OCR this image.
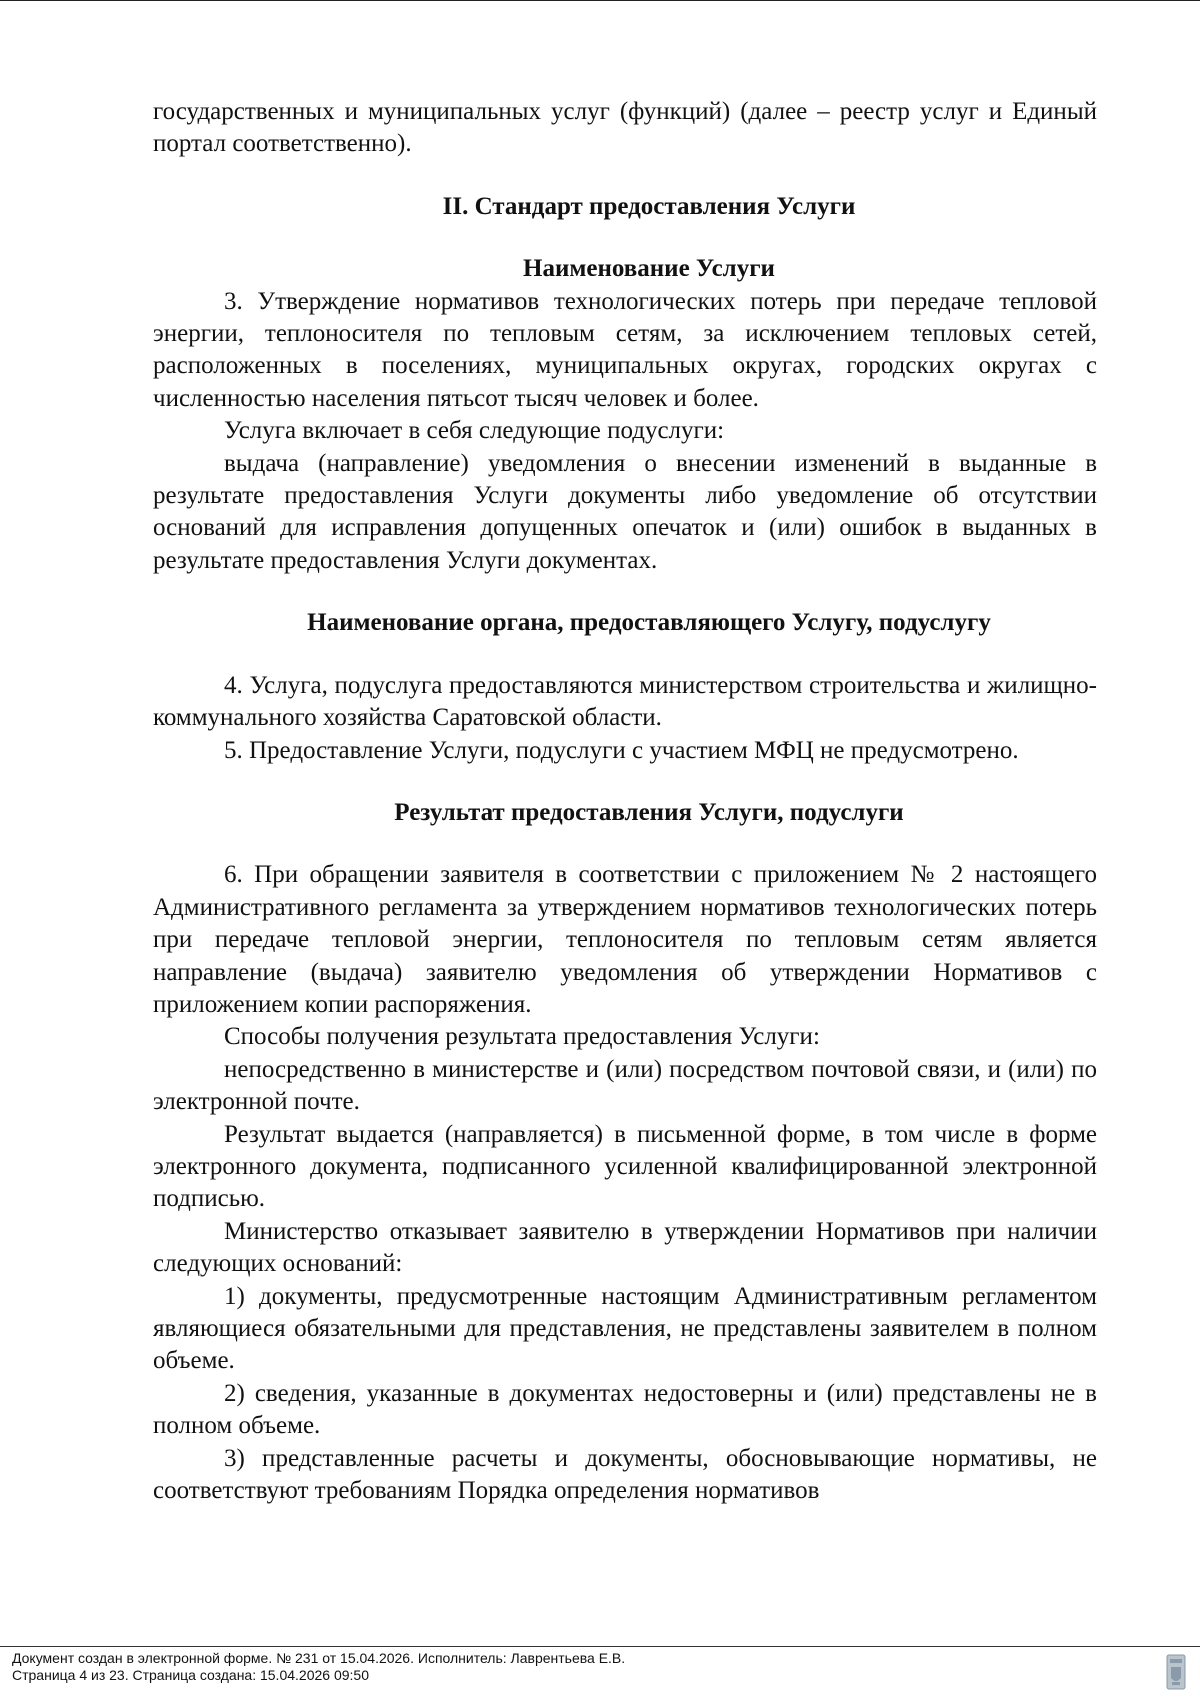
государственных и муниципальных услуг (функций) (далее – реестр услуг и Единый портал соответственно).

II. Стандарт предоставления Услуги
Наименование Услуги

3. Утверждение нормативов технологических потерь при передаче тепловой энергии, теплоносителя по тепловым сетям, за исключением тепловых сетей, расположенных в поселениях, муниципальных округах, городских округах с численностью населения пятьсот тысяч человек и более.

Услуга включает в себя следующие подуслуги:

выдача (направление) уведомления о внесении изменений в выданные в результате предоставления Услуги документы либо уведомление об отсутствии оснований для исправления допущенных опечаток и (или) ошибок в выданных в результате предоставления Услуги документах.

Наименование органа, предоставляющего Услугу, подуслугу

4. Услуга, подуслуга предоставляются министерством строительства и жилищно-коммунального хозяйства Саратовской области.

5. Предоставление Услуги, подуслуги с участием МФЦ не предусмотрено.

Результат предоставления Услуги, подуслуги

6. При обращении заявителя в соответствии с приложением № 2 настоящего Административного регламента за утверждением нормативов технологических потерь при передаче тепловой энергии, теплоносителя по тепловым сетям является направление (выдача) заявителю уведомления об утверждении Нормативов с приложением копии распоряжения.

Способы получения результата предоставления Услуги:

непосредственно в министерстве и (или) посредством почтовой связи, и (или) по электронной почте.

Результат выдается (направляется) в письменной форме, в том числе в форме электронного документа, подписанного усиленной квалифицированной электронной подписью.

Министерство отказывает заявителю в утверждении Нормативов при наличии следующих оснований:

1) документы, предусмотренные настоящим Административным регламентом являющиеся обязательными для представления, не представлены заявителем в полном объеме.

2) сведения, указанные в документах недостоверны и (или) представлены не в полном объеме.

3) представленные расчеты и документы, обосновывающие нормативы, не соответствуют требованиям Порядка определения нормативов

Документ создан в электронной форме. № 231 от 15.04.2026. Исполнитель: Лаврентьева Е.В.
Страница 4 из 23. Страница создана: 15.04.2026 09:50
